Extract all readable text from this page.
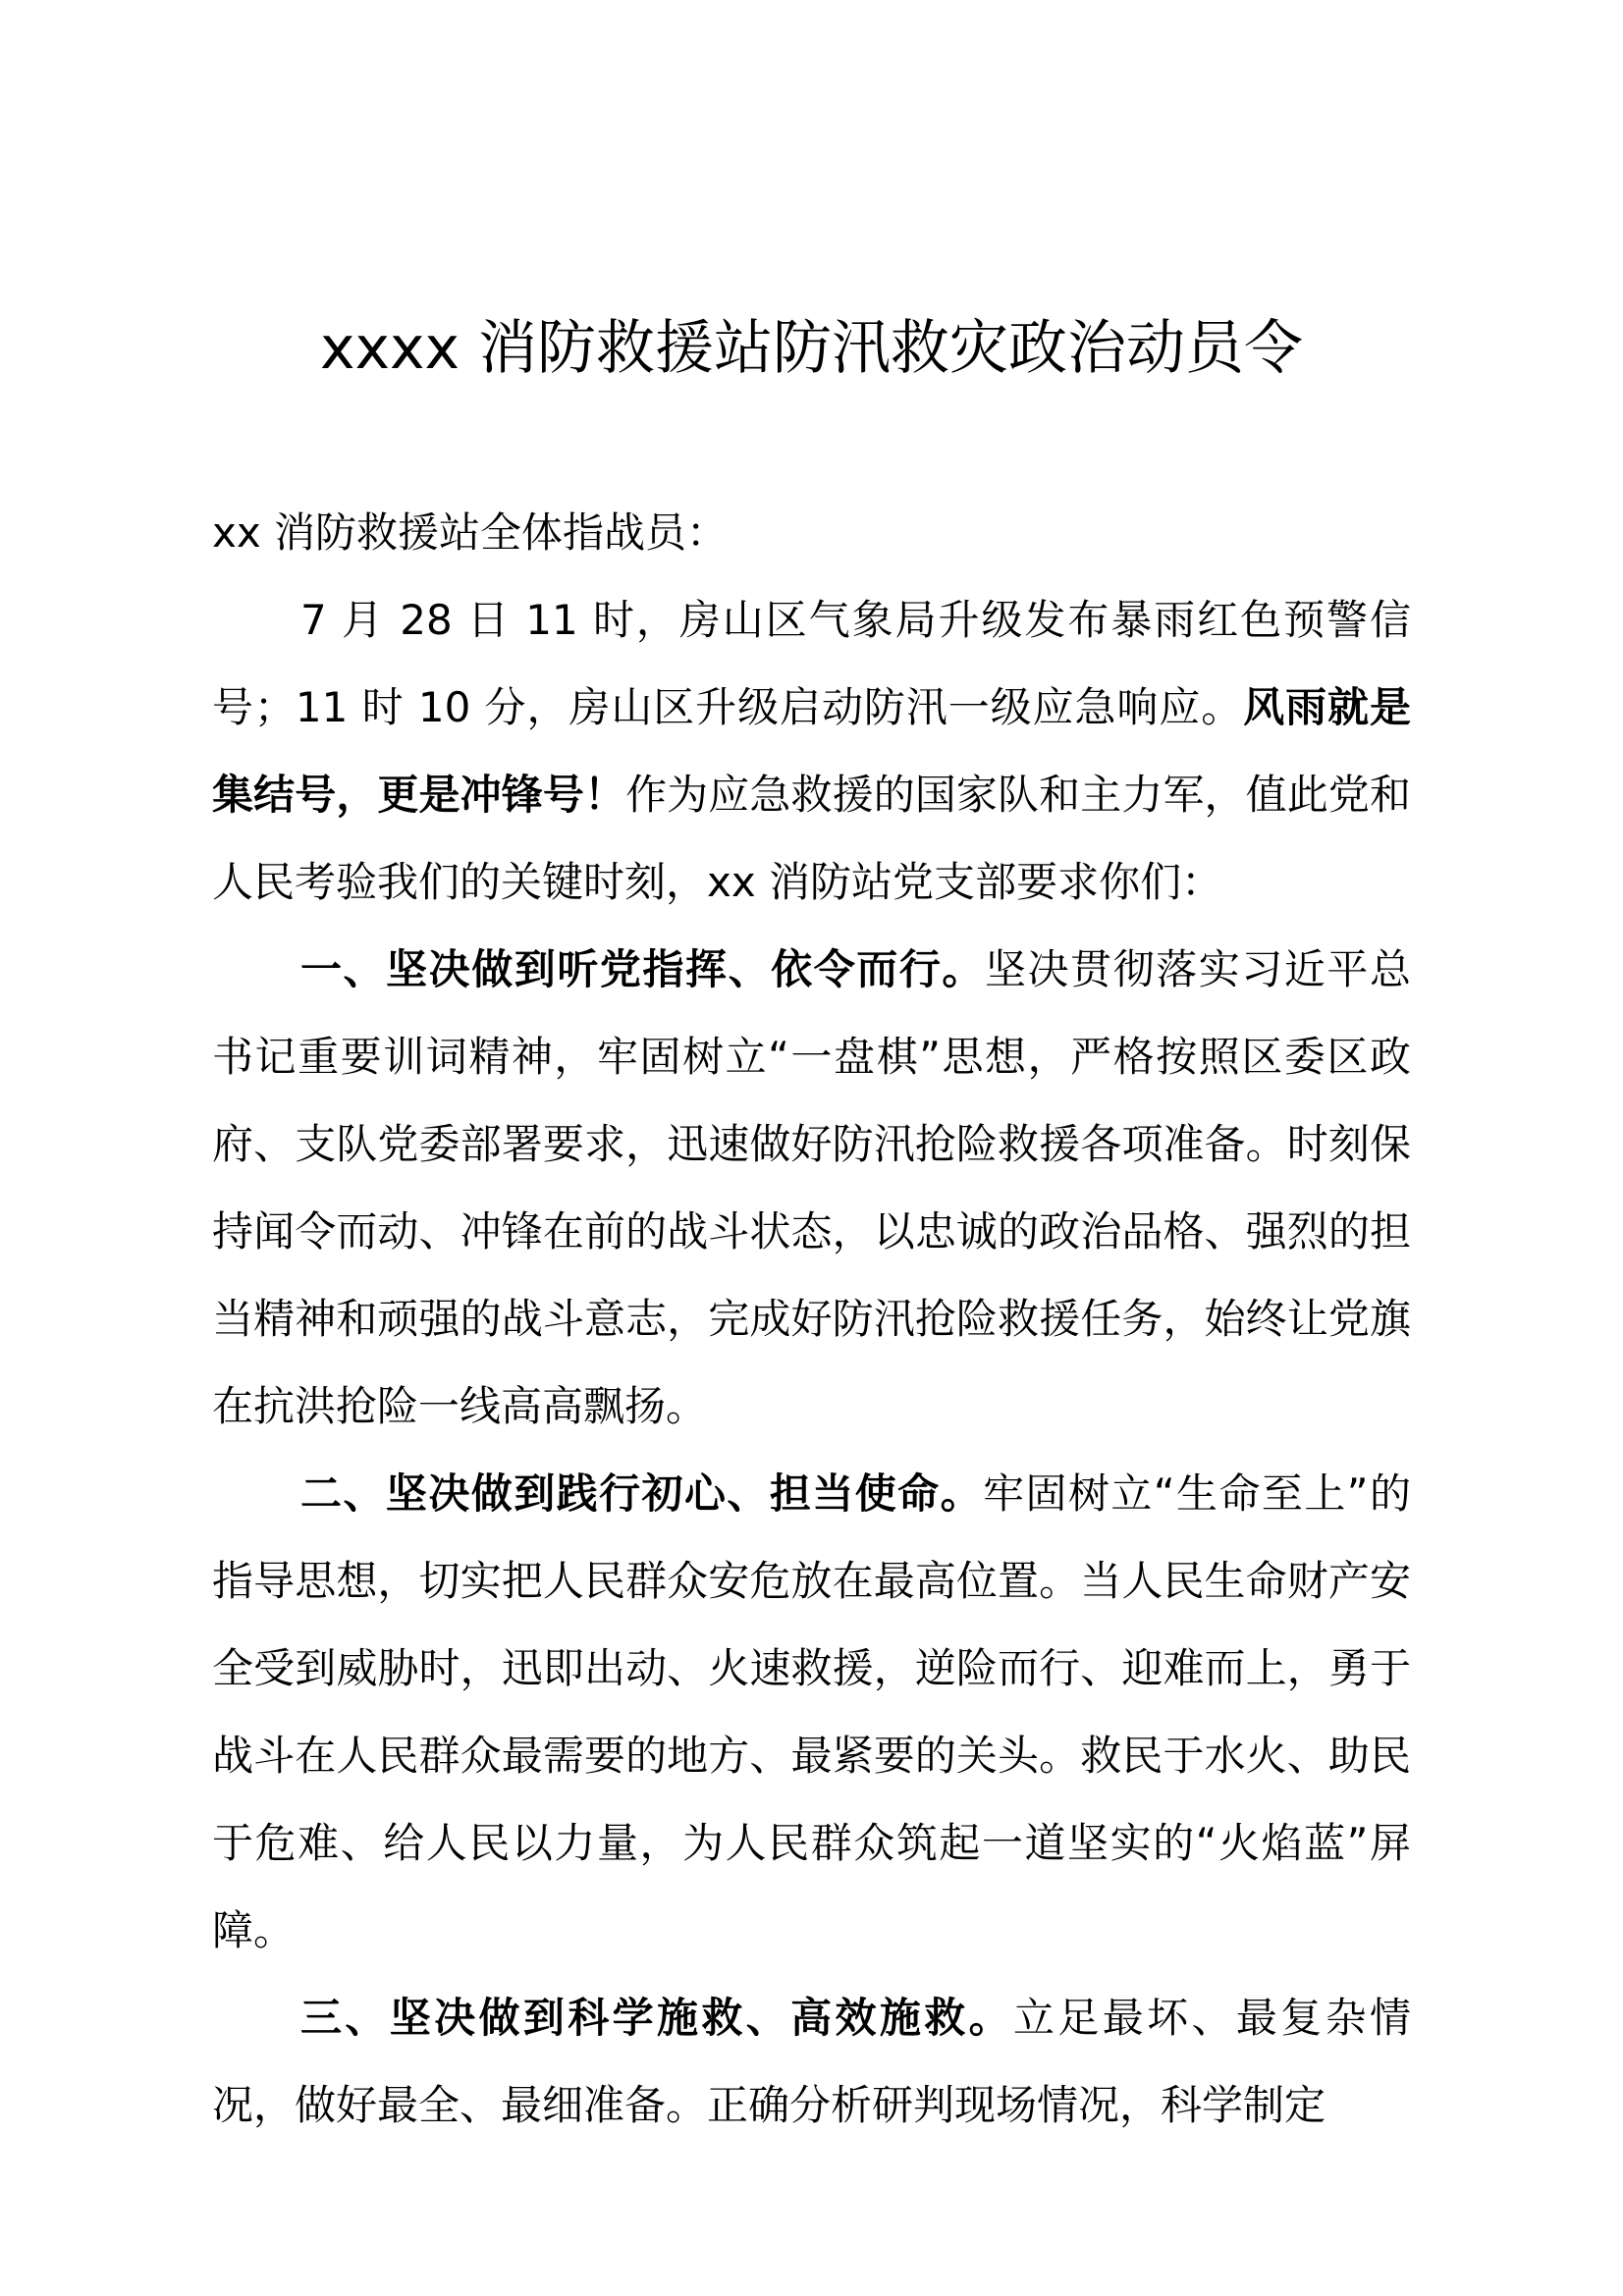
xxxx 消防救援站防汛救灾政治动员令

xx 消防救援站全体指战员：

7 月 28 日 11 时，房山区气象局升级发布暴雨红色预警信号；11 时 10 分，房山区升级启动防汛一级应急响应。风雨就是集结号，更是冲锋号！作为应急救援的国家队和主力军，值此党和人民考验我们的关键时刻，xx 消防站党支部要求你们：

一、坚决做到听党指挥、依令而行。坚决贯彻落实习近平总书记重要训词精神，牢固树立“一盘棋”思想，严格按照区委区政府、支队党委部署要求，迅速做好防汛抢险救援各项准备。时刻保持闻令而动、冲锋在前的战斗状态，以忠诚的政治品格、强烈的担当精神和顽强的战斗意志，完成好防汛抢险救援任务，始终让党旗在抗洪抢险一线高高飘扬。

二、坚决做到践行初心、担当使命。牢固树立“生命至上”的指导思想，切实把人民群众安危放在最高位置。当人民生命财产安全受到威胁时，迅即出动、火速救援，逆险而行、迎难而上，勇于战斗在人民群众最需要的地方、最紧要的关头。救民于水火、助民于危难、给人民以力量，为人民群众筑起一道坚实的“火焰蓝”屏障。

三、坚决做到科学施救、高效施救。立足最坏、最复杂情况，做好最全、最细准备。正确分析研判现场情况，科学制定
